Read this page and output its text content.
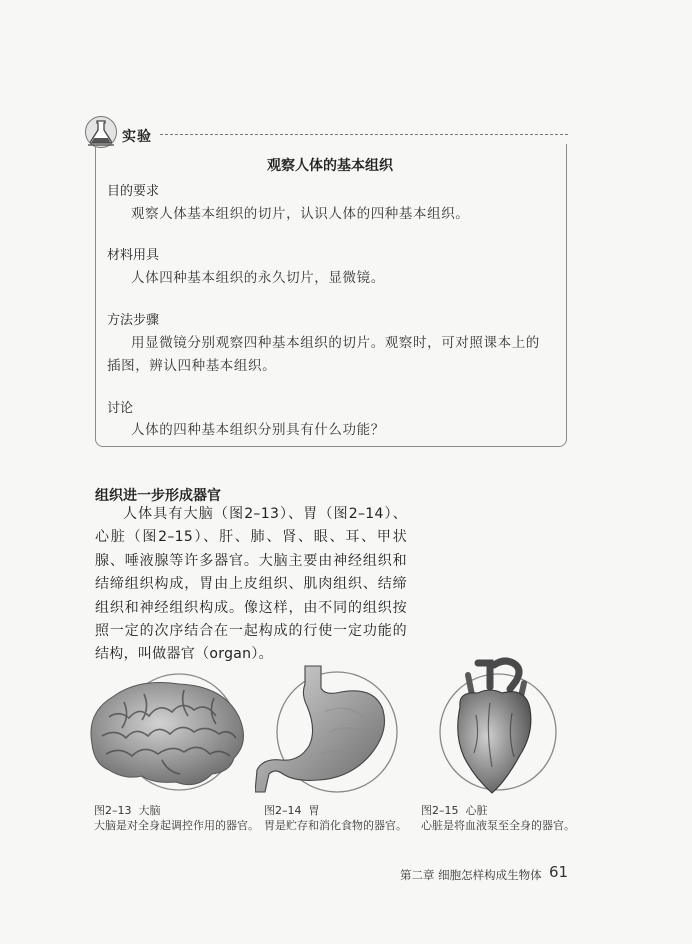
实验
观察人体的基本组织
目的要求
观察人体基本组织的切片，认识人体的四种基本组织。
材料用具
人体四种基本组织的永久切片，显微镜。
方法步骤
用显微镜分别观察四种基本组织的切片。观察时，可对照课本上的
插图，辨认四种基本组织。
讨论
人体的四种基本组织分别具有什么功能？
组织进一步形成器官
人体具有大脑（图2–13）、胃（图2–14）、心脏（图2–15）、肝、肺、肾、眼、耳、甲状腺、唾液腺等许多器官。大脑主要由神经组织和结缔组织构成，胃由上皮组织、肌肉组织、结缔组织和神经组织构成。像这样，由不同的组织按照一定的次序结合在一起构成的行使一定功能的结构，叫做器官（organ）。
图2–13 大脑
大脑是对全身起调控作用的器官。
图2–14 胃
胃是贮存和消化食物的器官。
图2–15 心脏
心脏是将血液泵至全身的器官。
第二章 细胞怎样构成生物体 61
